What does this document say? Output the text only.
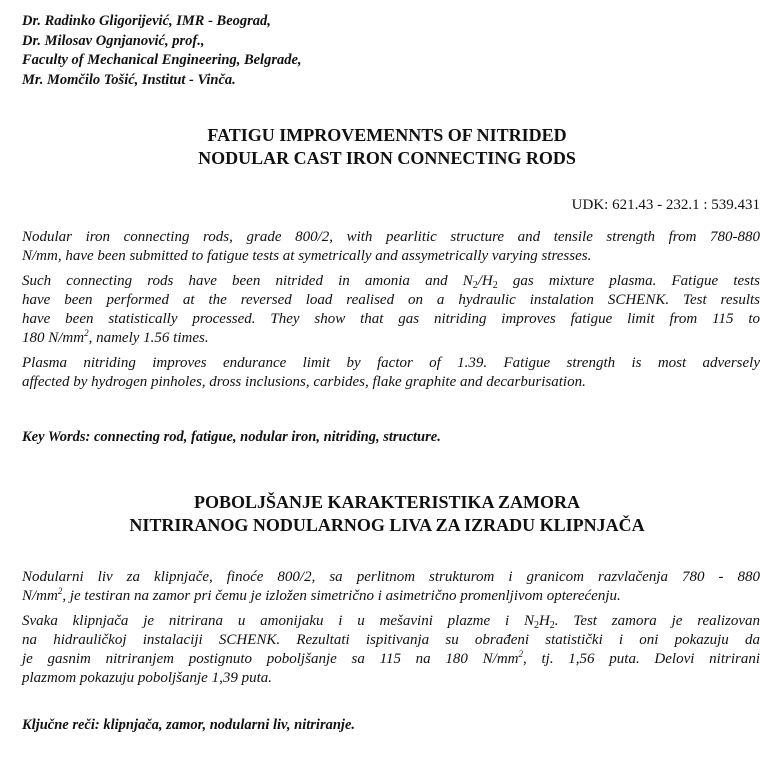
Dr. Radinko Gligorijević, IMR - Beograd,
Dr. Milosav Ognjanović, prof.,
Faculty of Mechanical Engineering, Belgrade,
Mr. Momčilo Tošić, Institut - Vinča.
FATIGU IMPROVEMENNTS OF NITRIDED
NODULAR CAST IRON CONNECTING RODS
UDK: 621.43 - 232.1 : 539.431

Nodular iron connecting rods, grade 800/2, with pearlitic structure and tensile strength from 780-880
N/mm, have been submitted to fatigue tests at symetrically and assymetrically varying stresses.

Such connecting rods have been nitrided in amonia and $N_2/H_2$ gas mixture plasma. Fatigue tests
have been performed at the reversed load realised on a hydraulic instalation SCHENK. Test results
have been statistically processed. They show that gas nitriding improves fatigue limit from 115 to
180 $N/mm^2$, namely 1.56 times.

Plasma nitriding improves endurance limit by factor of 1.39. Fatigue strength is most adversely
affected by hydrogen pinholes, dross inclusions, carbides, flake graphite and decarburisation.

Key Words: connecting rod, fatigue, nodular iron, nitriding, structure.
POBOLJŠANJE KARAKTERISTIKA ZAMORA
NITRIRANOG NODULARNOG LIVA ZA IZRADU KLIPNJAČA

Nodularni liv za klipnjače, finoće 800/2, sa perlitnom strukturom i granicom razvlačenja 780 - 880
$N/mm^2$, je testiran na zamor pri čemu je izložen simetrično i asimetrično promenljivom opterećenju.

Svaka klipnjača je nitrirana u amonijaku i u mešavini plazme i $N_2H_2$. Test zamora je realizovan
na hidrauličkoj instalaciji SCHENK. Rezultati ispitivanja su obrađeni statistički i oni pokazuju da
je gasnim nitriranjem postignuto poboljšanje sa 115 na 180 $N/mm^2$, tj. 1,56 puta. Delovi nitrirani
plazmom pokazuju poboljšanje 1,39 puta.

Ključne reči: klipnjača, zamor, nodularni liv, nitriranje.
